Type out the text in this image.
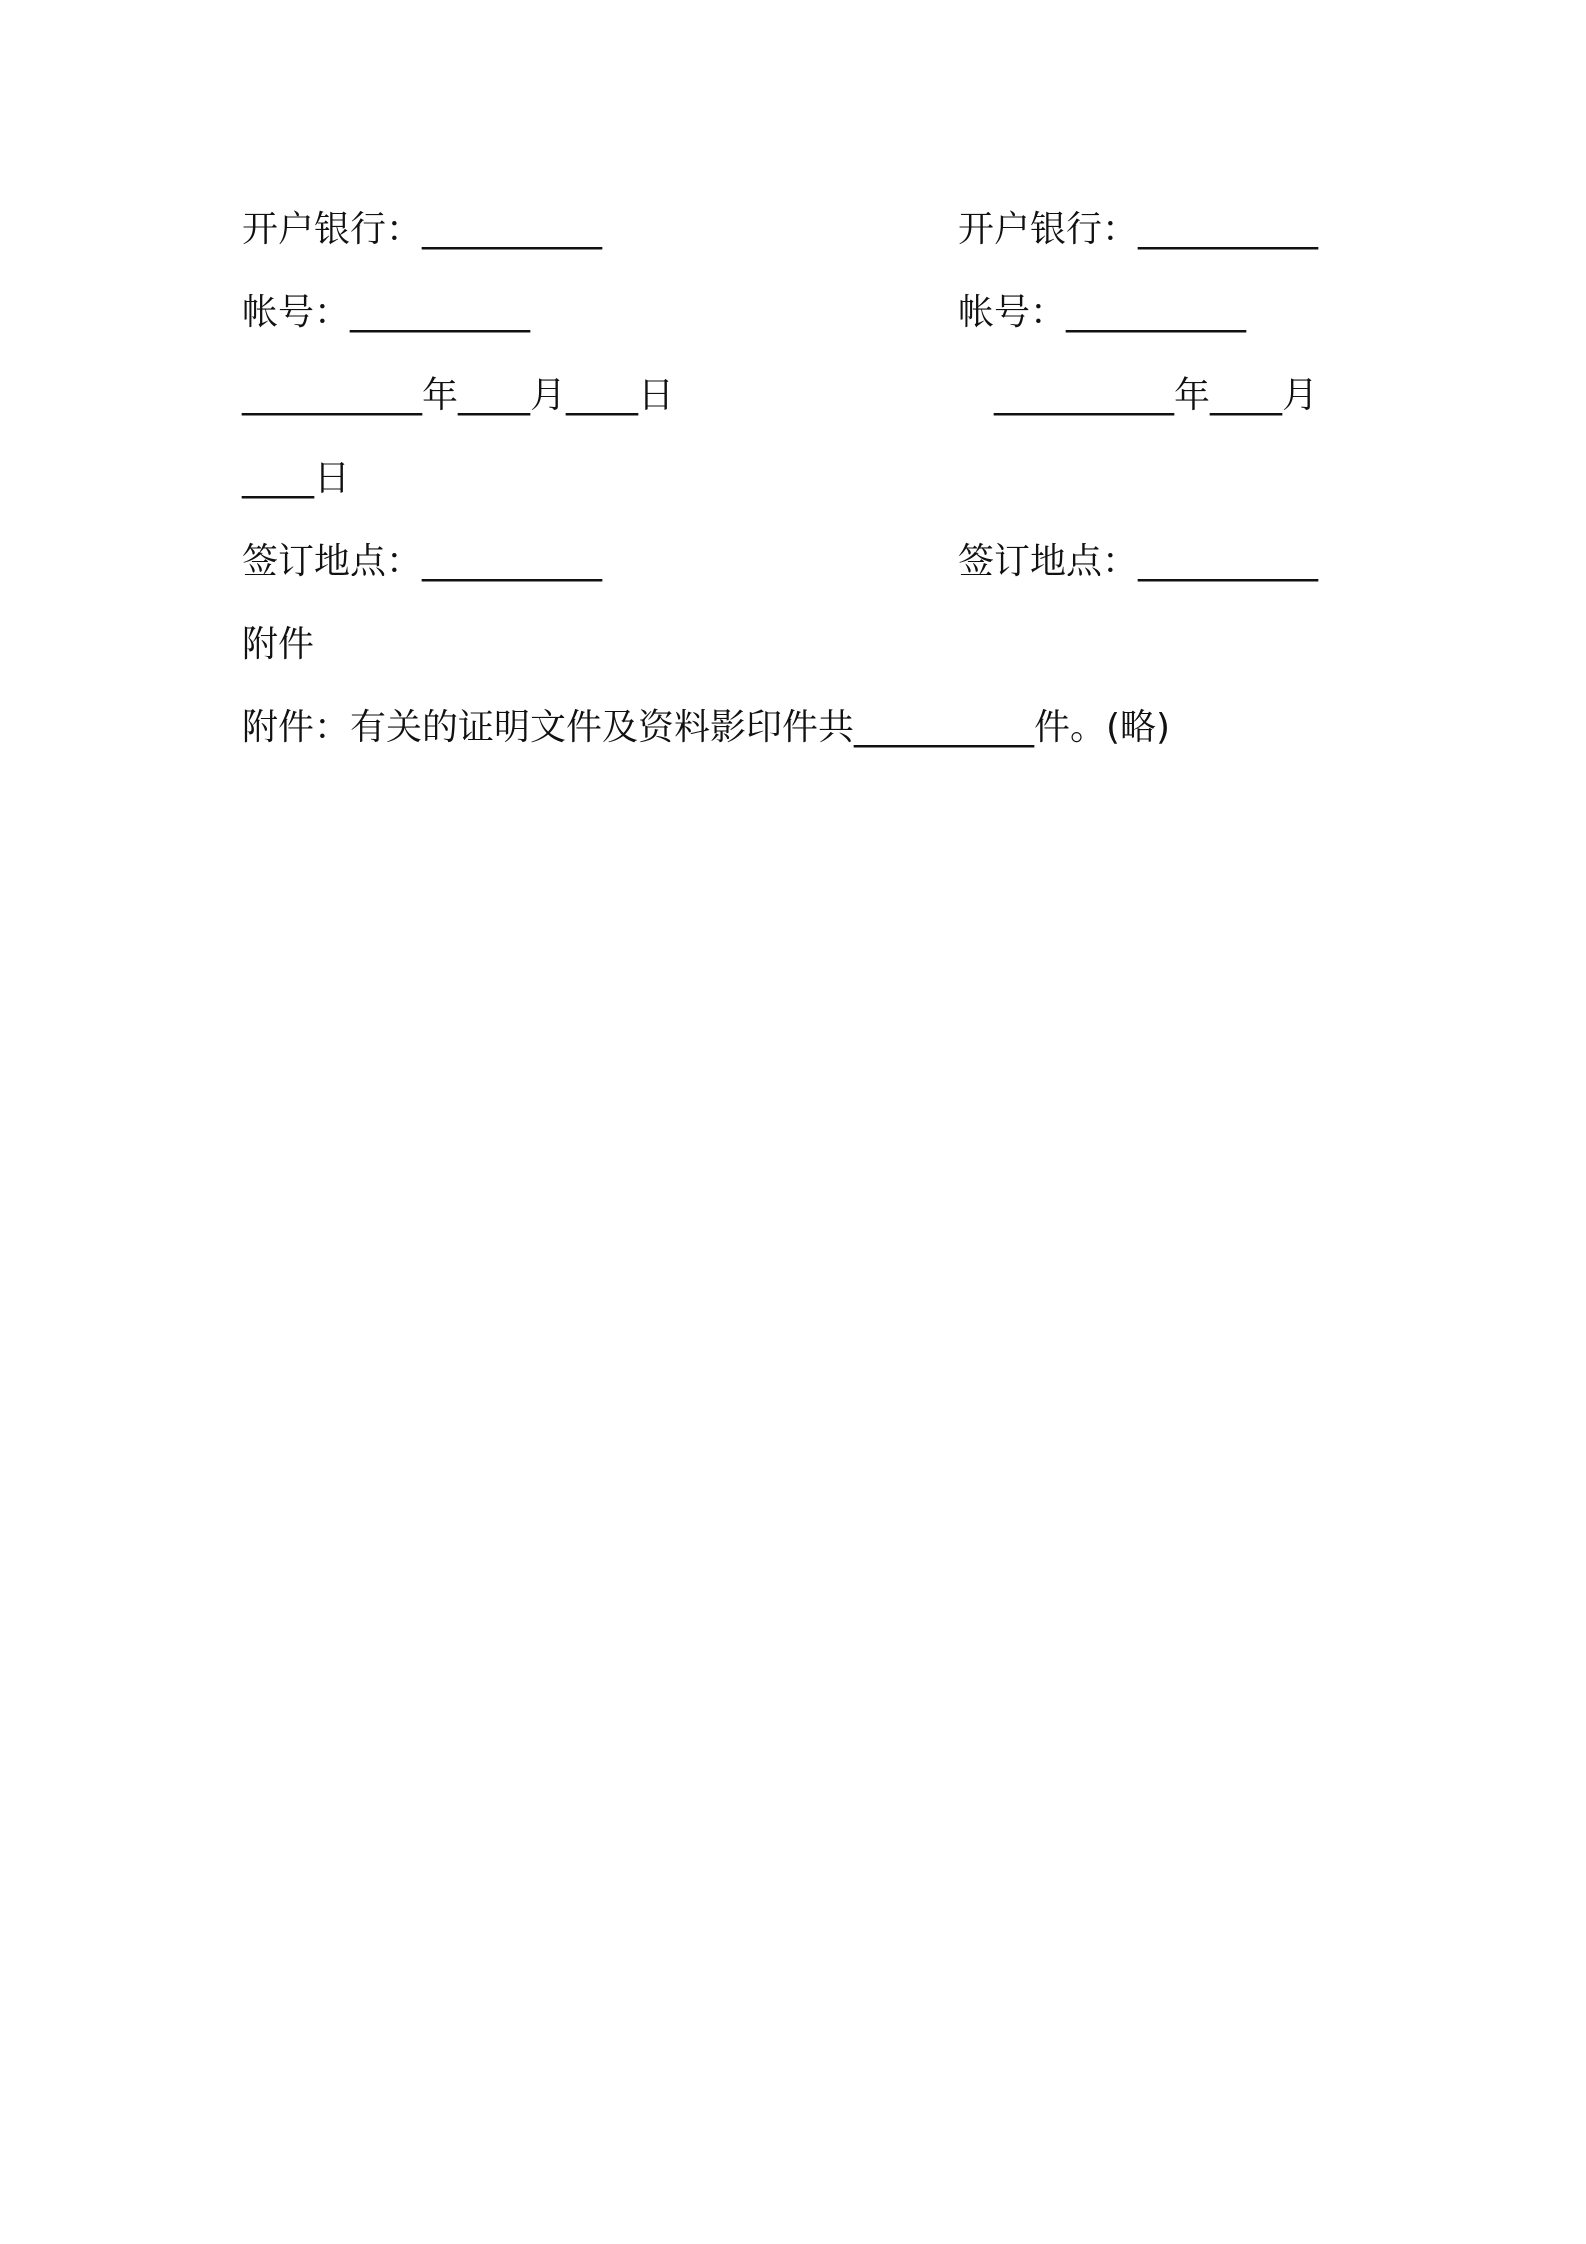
开户银行：__________	开户银行：__________
帐号：__________	帐号：__________
__________年____月____日	__________年____月
____日
签订地点：__________	签订地点：__________
附件
附件：有关的证明文件及资料影印件共__________件。(略)
